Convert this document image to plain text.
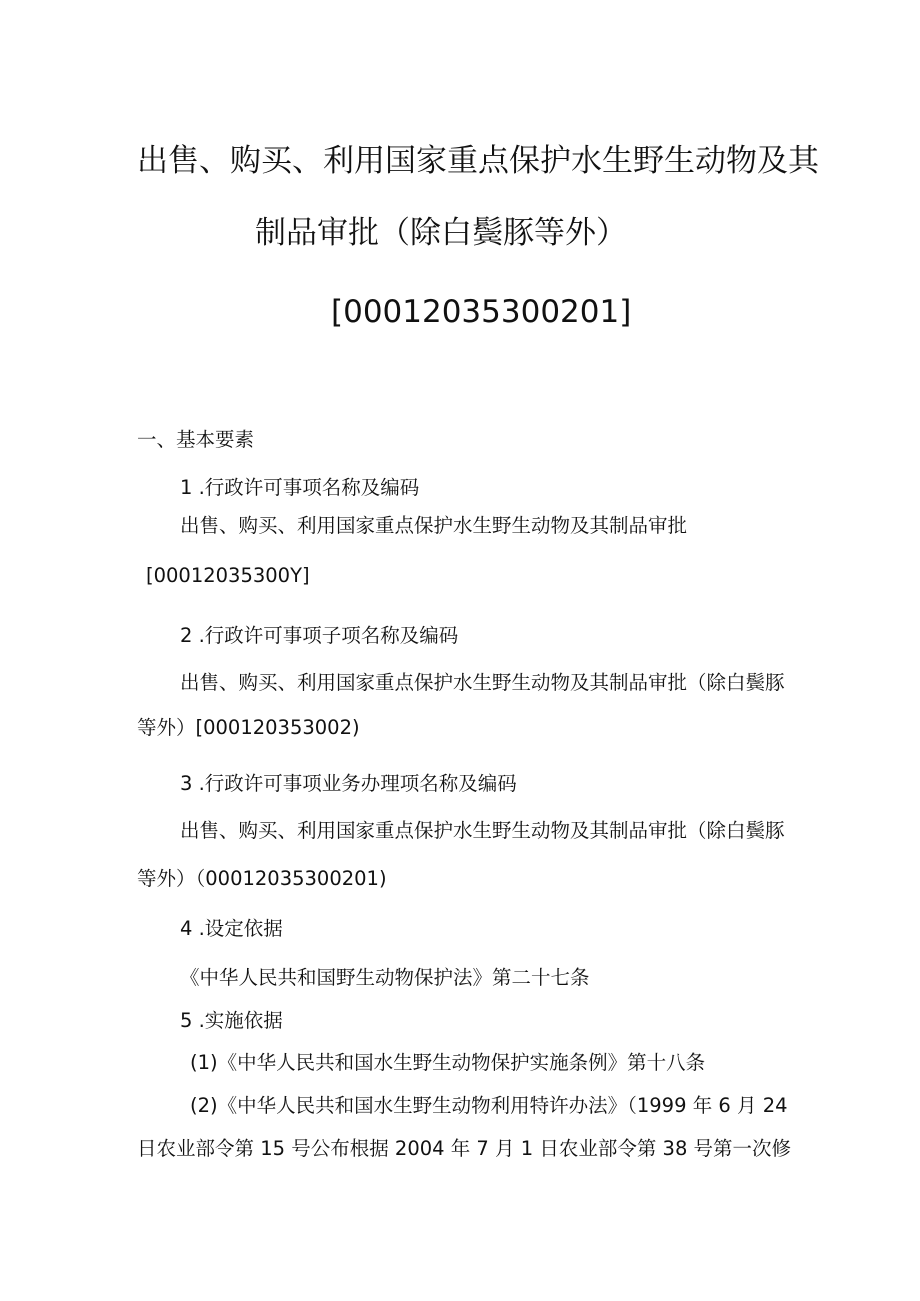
出售、购买、利用国家重点保护水生野生动物及其
制品审批（除白鬓豚等外）
[00012035300201]
一、基本要素
1 .行政许可事项名称及编码
出售、购买、利用国家重点保护水生野生动物及其制品审批
[00012035300Y]
2 .行政许可事项子项名称及编码
出售、购买、利用国家重点保护水生野生动物及其制品审批（除白鬓豚
等外）[000120353002)
3 .行政许可事项业务办理项名称及编码
出售、购买、利用国家重点保护水生野生动物及其制品审批（除白鬓豚
等外）（00012035300201)
4 .设定依据
《中华人民共和国野生动物保护法》第二十七条
5 .实施依据
(1)《中华人民共和国水生野生动物保护实施条例》第十八条
(2)《中华人民共和国水生野生动物利用特许办法》（1999 年 6 月 24
日农业部令第 15 号公布根据 2004 年 7 月 1 日农业部令第 38 号第一次修
